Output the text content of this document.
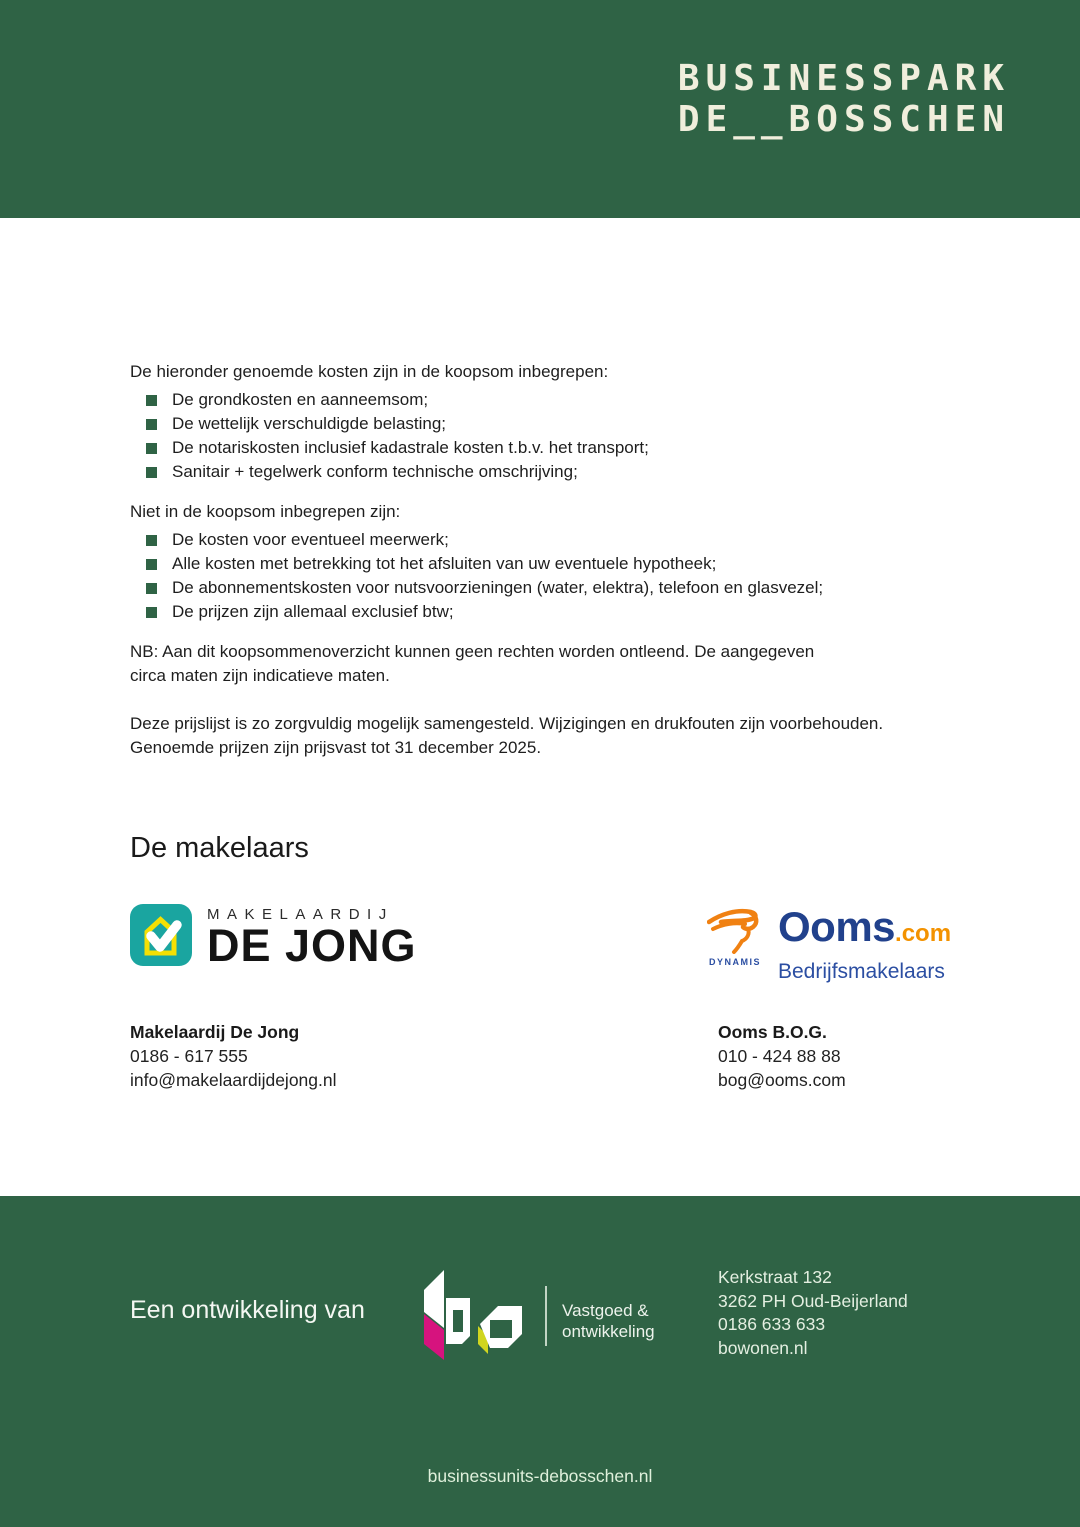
BUSINESSPARK
DE__BOSSCHEN

De hieronder genoemde kosten zijn in de koopsom inbegrepen:

De grondkosten en aanneemsom;
De wettelijk verschuldigde belasting;
De notariskosten inclusief kadastrale kosten t.b.v. het transport;
Sanitair + tegelwerk conform technische omschrijving;

Niet in de koopsom inbegrepen zijn:

De kosten voor eventueel meerwerk;
Alle kosten met betrekking tot het afsluiten van uw eventuele hypotheek;
De abonnementskosten voor nutsvoorzieningen (water, elektra), telefoon en glasvezel;
De prijzen zijn allemaal exclusief btw;

NB: Aan dit koopsommenoverzicht kunnen geen rechten worden ontleend. De aangegeven
circa maten zijn indicatieve maten.

Deze prijslijst is zo zorgvuldig mogelijk samengesteld. Wijzigingen en drukfouten zijn voorbehouden.
Genoemde prijzen zijn prijsvast tot 31 december 2025.

De makelaars
MAKELAARDIJ
DE JONG	DYNAMIS
Ooms.com
Bedrijfsmakelaars
Makelaardij De Jong
0186 - 617 555
info@makelaardijdejong.nl
Ooms B.O.G.
010 - 424 88 88
bog@ooms.com
Een ontwikkeling van	Vastgoed &
ontwikkeling
Kerkstraat 132
3262 PH Oud-Beijerland
0186 633 633
bowonen.nl
businessunits-debosschen.nl
